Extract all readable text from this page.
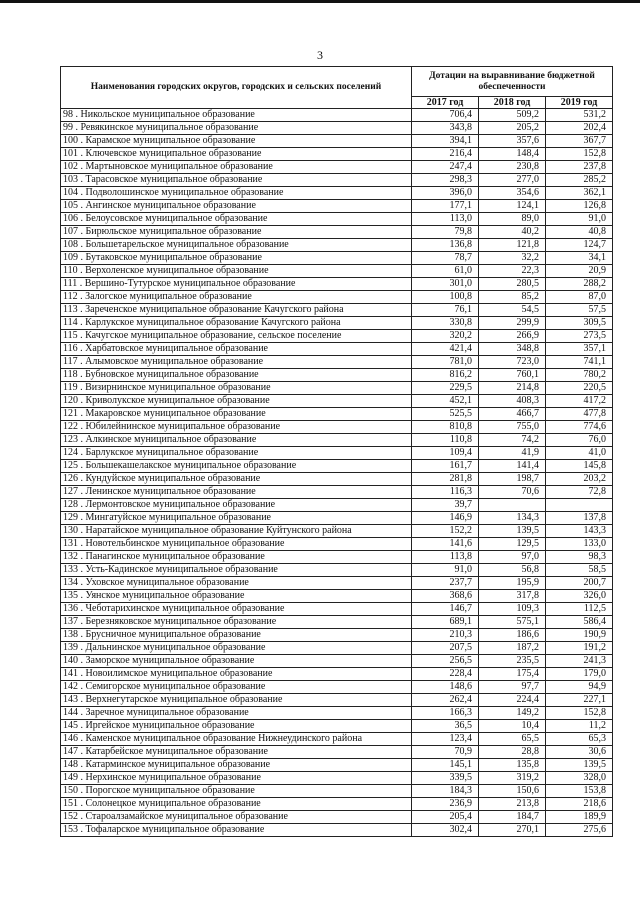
3
Наименования городских округов, городских и сельских поселений	Дотации на выравнивание бюджетной обеспеченности		
	2017 год	2018 год	2019 год
98 . Никольское муниципальное образование	706,4	509,2	531,2
99 . Ревякинское муниципальное образование	343,8	205,2	202,4
100 . Карамское муниципальное образование	394,1	357,6	367,7
101 . Ключевское муниципальное образование	216,4	148,4	152,8
102 . Мартыновское муниципальное образование	247,4	230,8	237,8
103 . Тарасовское муниципальное образование	298,3	277,0	285,2
104 . Подволошинское муниципальное образование	396,0	354,6	362,1
105 . Ангинское муниципальное образование	177,1	124,1	126,8
106 . Белоусовское муниципальное образование	113,0	89,0	91,0
107 . Бирюльское муниципальное образование	79,8	40,2	40,8
108 . Большетарельское муниципальное образование	136,8	121,8	124,7
109 . Бутаковское муниципальное образование	78,7	32,2	34,1
110 . Верхоленское муниципальное образование	61,0	22,3	20,9
111 . Вершино-Тутурское муниципальное образование	301,0	280,5	288,2
112 . Залогское муниципальное образование	100,8	85,2	87,0
113 . Зареченское муниципальное образование Качугского района	76,1	54,5	57,5
114 . Карлукское муниципальное образование Качугского района	330,8	299,9	309,5
115 . Качугское муниципальное образование, сельское поселение	320,2	266,9	273,5
116 . Харбатовское муниципальное образование	421,4	348,8	357,1
117 . Алымовское муниципальное образование	781,0	723,0	741,1
118 . Бубновское муниципальное образование	816,2	760,1	780,2
119 . Визирнинское муниципальное образование	229,5	214,8	220,5
120 . Криволукское муниципальное образование	452,1	408,3	417,2
121 . Макаровское муниципальное образование	525,5	466,7	477,8
122 . Юбилейнинское муниципальное образование	810,8	755,0	774,6
123 . Алкинское муниципальное образование	110,8	74,2	76,0
124 . Барлукское муниципальное образование	109,4	41,9	41,0
125 . Большекашелакское муниципальное образование	161,7	141,4	145,8
126 . Кундуйское муниципальное образование	281,8	198,7	203,2
127 . Ленинское муниципальное образование	116,3	70,6	72,8
128 . Лермонтовское муниципальное образование	39,7		
129 . Мингатуйское муниципальное образование	146,9	134,3	137,8
130 . Наратайское муниципальное образование Куйтунского района	152,2	139,5	143,3
131 . Новотельбинское муниципальное образование	141,6	129,5	133,0
132 . Панагинское муниципальное образование	113,8	97,0	98,3
133 . Усть-Кадинское муниципальное образование	91,0	56,8	58,5
134 . Уховское муниципальное образование	237,7	195,9	200,7
135 . Уянское муниципальное образование	368,6	317,8	326,0
136 . Чеботарихинское муниципальное образование	146,7	109,3	112,5
137 . Березняковское муниципальное образование	689,1	575,1	586,4
138 . Брусничное муниципальное образование	210,3	186,6	190,9
139 . Дальнинское муниципальное образование	207,5	187,2	191,2
140 . Заморское муниципальное образование	256,5	235,5	241,3
141 . Новоилимское муниципальное образование	228,4	175,4	179,0
142 . Семигорское муниципальное образование	148,6	97,7	94,9
143 . Верхнегутарское муниципальное образование	262,4	224,4	227,1
144 . Заречное муниципальное образование	166,3	149,2	152,8
145 . Иргейское муниципальное образование	36,5	10,4	11,2
146 . Каменское муниципальное образование Нижнеудинского района	123,4	65,5	65,3
147 . Катарбейское муниципальное образование	70,9	28,8	30,6
148 . Катарминское муниципальное образование	145,1	135,8	139,5
149 . Нерхинское муниципальное образование	339,5	319,2	328,0
150 . Порогское муниципальное образование	184,3	150,6	153,8
151 . Солонецкое муниципальное образование	236,9	213,8	218,6
152 . Староалзамайское муниципальное образование	205,4	184,7	189,9
153 . Тофаларское муниципальное образование	302,4	270,1	275,6
